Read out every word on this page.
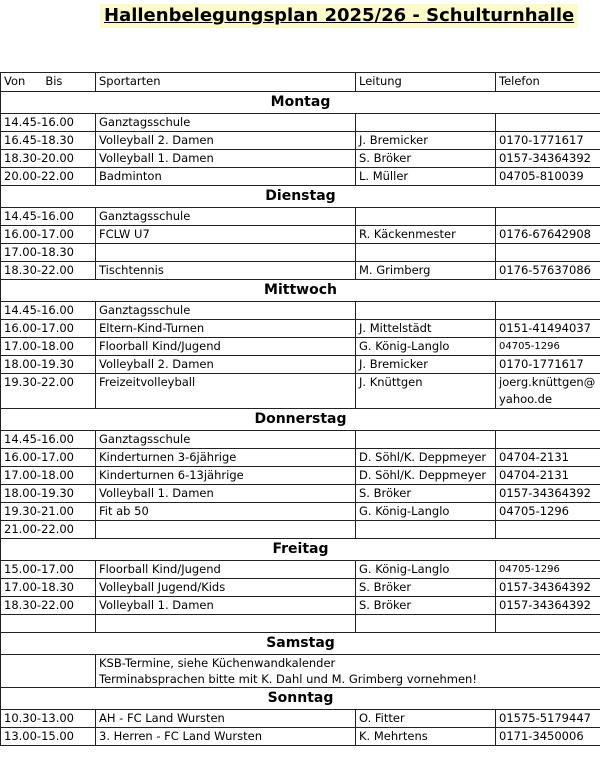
Hallenbelegungsplan 2025/26 - Schulturnhalle
Von Bis	Sportarten	Leitung	Telefon
Montag			
14.45-16.00	Ganztagsschule		
16.45-18.30	Volleyball 2. Damen	J. Bremicker	0170-1771617
18.30-20.00	Volleyball 1. Damen	S. Bröker	0157-34364392
20.00-22.00	Badminton	L. Müller	04705-810039
Dienstag			
14.45-16.00	Ganztagsschule		
16.00-17.00	FCLW U7	R. Käckenmester	0176-67642908
17.00-18.30			
18.30-22.00	Tischtennis	M. Grimberg	0176-57637086
Mittwoch			
14.45-16.00	Ganztagsschule		
16.00-17.00	Eltern-Kind-Turnen	J. Mittelstädt	0151-41494037
17.00-18.00	Floorball Kind/Jugend	G. König-Langlo	04705-1296
18.00-19.30	Volleyball 2. Damen	J. Bremicker	0170-1771617
19.30-22.00	Freizeitvolleyball	J. Knüttgen	joerg.knüttgen@ yahoo.de
Donnerstag			
14.45-16.00	Ganztagsschule		
16.00-17.00	Kinderturnen 3-6jährige	D. Söhl/K. Deppmeyer	04704-2131
17.00-18.00	Kinderturnen 6-13jährige	D. Söhl/K. Deppmeyer	04704-2131
18.00-19.30	Volleyball 1. Damen	S. Bröker	0157-34364392
19.30-21.00	Fit ab 50	G. König-Langlo	04705-1296
21.00-22.00			
Freitag			
15.00-17.00	Floorball Kind/Jugend	G. König-Langlo	04705-1296
17.00-18.30	Volleyball Jugend/Kids	S. Bröker	0157-34364392
18.30-22.00	Volleyball 1. Damen	S. Bröker	0157-34364392

Samstag			

	KSB-Termine, siehe Küchenwandkalender
Terminabsprachen bitte mit K. Dahl und M. Grimberg vornehmen!		

Sonntag			
10.30-13.00	AH - FC Land Wursten	O. Fitter	01575-5179447
13.00-15.00	3. Herren - FC Land Wursten	K. Mehrtens	0171-3450006
